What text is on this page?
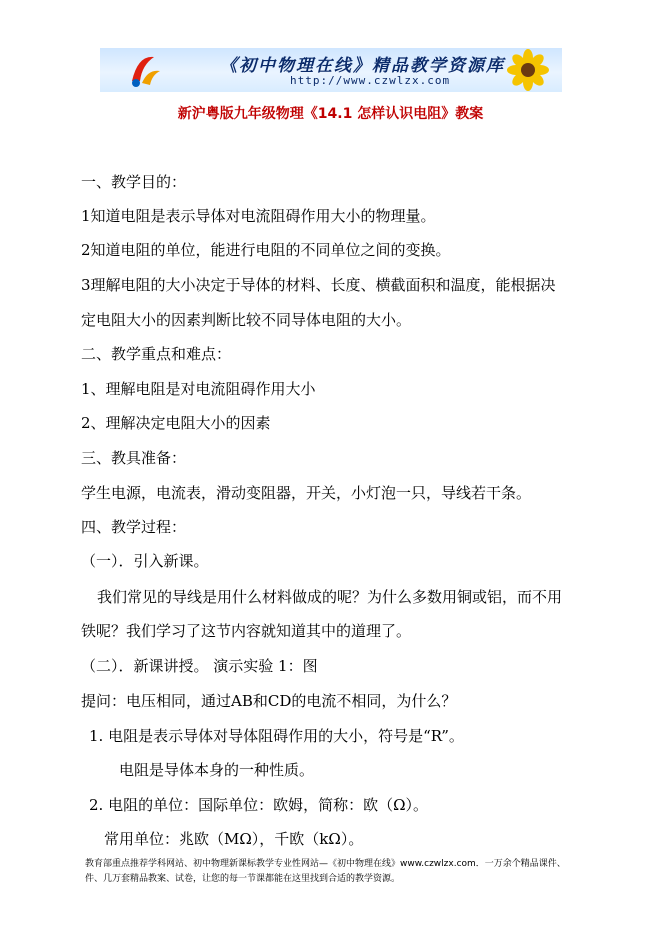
《初中物理在线》精品教学资源库
http://www.czwlzx.com
新沪粤版九年级物理《14.1 怎样认识电阻》教案
一、教学目的：
1知道电阻是表示导体对电流阻碍作用大小的物理量。
2知道电阻的单位，能进行电阻的不同单位之间的变换。
3理解电阻的大小决定于导体的材料、长度、横截面积和温度，能根据决
定电阻大小的因素判断比较不同导体电阻的大小。
二、教学重点和难点：
1、理解电阻是对电流阻碍作用大小
2、理解决定电阻大小的因素
三、教具准备：
学生电源，电流表，滑动变阻器，开关，小灯泡一只，导线若干条。
四、教学过程：
（一）．引入新课。
我们常见的导线是用什么材料做成的呢？为什么多数用铜或铝，而不用
铁呢？我们学习了这节内容就知道其中的道理了。
（二）．新课讲授。 演示实验 1：图
提问：电压相同，通过AB和CD的电流不相同，为什么？
1. 电阻是表示导体对导体阻碍作用的大小，符号是“R”。
电阻是导体本身的一种性质。
2. 电阻的单位：国际单位：欧姆，简称：欧（Ω）。
常用单位：兆欧（MΩ），千欧（kΩ）。
教育部重点推荐学科网站、初中物理新课标教学专业性网站—《初中物理在线》www.czwlzx.com．一万余个精品课件、
件、几万套精品教案、试卷，让您的每一节课都能在这里找到合适的教学资源。
